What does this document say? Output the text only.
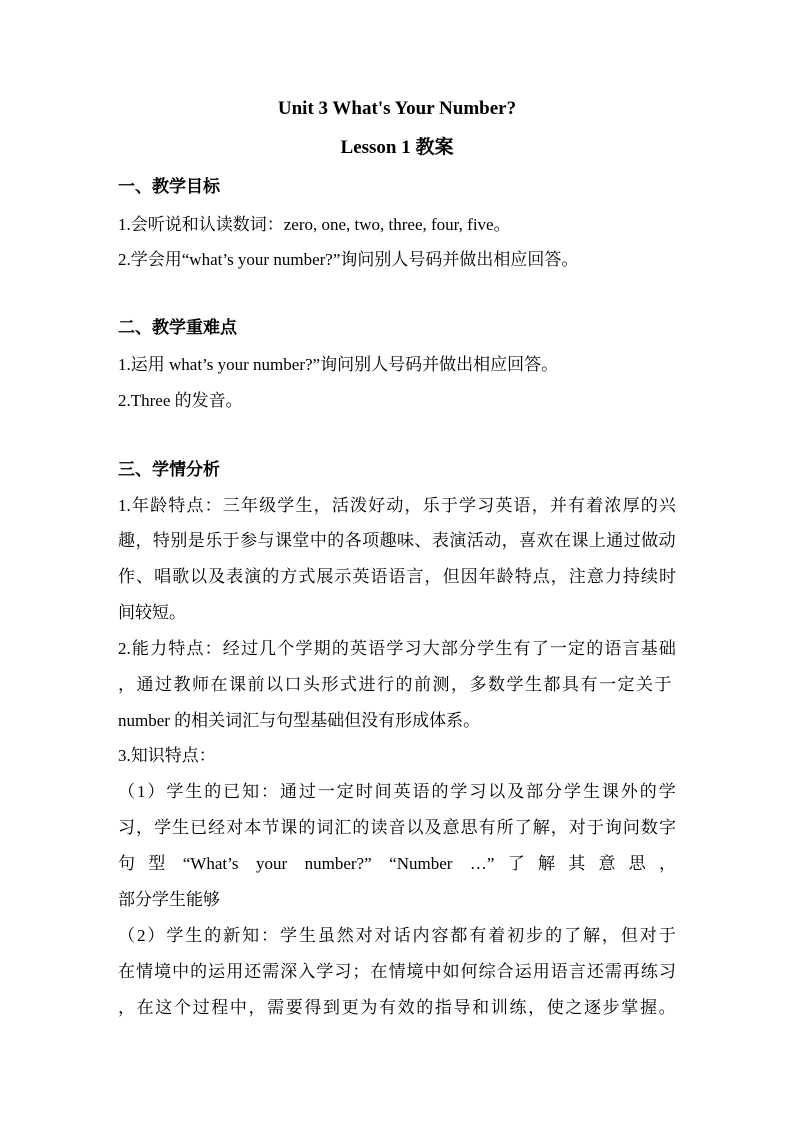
Unit 3 What's Your Number?
Lesson 1 教案
一、教学目标
1.会听说和认读数词：zero, one, two, three, four, five。
2.学会用“what’s your number?”询问别人号码并做出相应回答。
二、教学重难点
1.运用 what’s your number?”询问别人号码并做出相应回答。
2.Three 的发音。
三、学情分析
1. 年 龄 特 点 ： 三 年 级 学 生 ， 活 泼 好 动 ， 乐 于 学 习 英 语 ， 并 有 着 浓 厚 的 兴
趣 ， 特 别 是 乐 于 参 与 课 堂 中 的 各 项 趣 味 、 表 演 活 动 ， 喜 欢 在 课 上 通 过 做 动
作 、 唱 歌 以 及 表 演 的 方 式 展 示 英 语 语 言 ， 但 因 年 龄 特 点 ， 注 意 力 持 续 时
间较短。
2. 能 力 特 点 ： 经 过 几 个 学 期 的 英 语 学 习 大 部 分 学 生 有 了 一 定 的 语 言 基 础
， 通 过 教 师 在 课 前 以 口 头 形 式 进 行 的 前 测 ， 多 数 学 生 都 具 有 一 定 关 于
number 的相关词汇与句型基础但没有形成体系。
3.知识特点：
（ 1 ） 学 生 的 已 知 ： 通 过 一 定 时 间 英 语 的 学 习 以 及 部 分 学 生 课 外 的 学
习 ， 学 生 已 经 对 本 节 课 的 词 汇 的 读 音 以 及 意 思 有 所 了 解 ， 对 于 询 问 数 字
句 型 “What’s your number?” “Number …” 了 解 其 意 思 ，
部分学生能够
（ 2 ） 学 生 的 新 知 ： 学 生 虽 然 对 对 话 内 容 都 有 着 初 步 的 了 解 ， 但 对 于
在 情 境 中 的 运 用 还 需 深 入 学 习 ； 在 情 境 中 如 何 综 合 运 用 语 言 还 需 再 练 习
， 在 这 个 过 程 中 ， 需 要 得 到 更 为 有 效 的 指 导 和 训 练 ， 使 之 逐 步 掌 握 。
